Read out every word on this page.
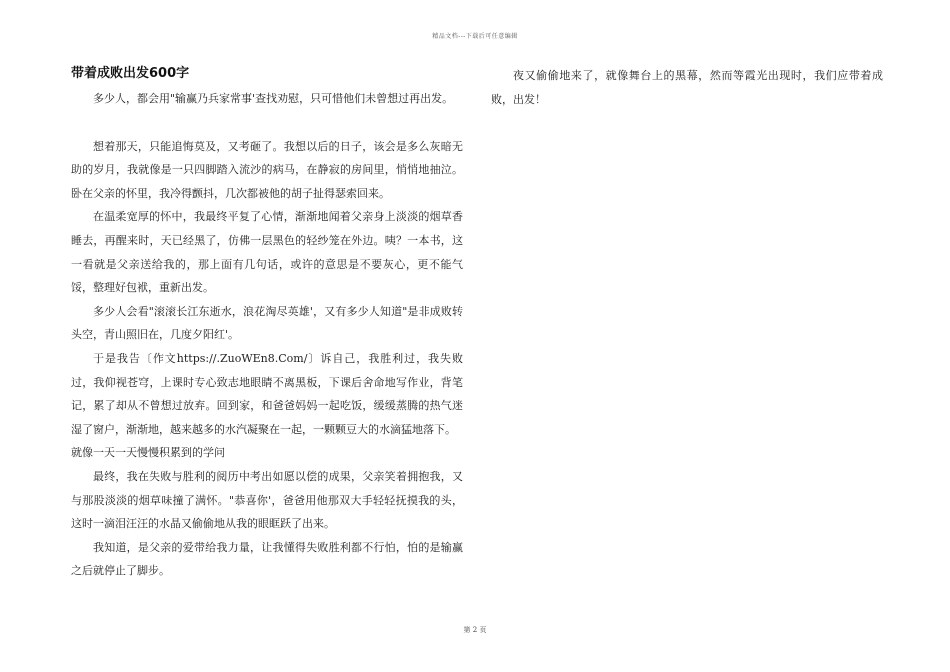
精品文档---下载后可任意编辑
带着成败出发600字

多少人，都会用"输赢乃兵家常事'查找劝慰，只可惜他们未曾想过再出发。

想着那天，只能追悔莫及，又考砸了。我想以后的日子，该会是多么灰暗无助的岁月，我就像是一只四脚踏入流沙的病马，在静寂的房间里，悄悄地抽泣。卧在父亲的怀里，我冷得颤抖，几次都被他的胡子扯得瑟索回来。

在温柔宽厚的怀中，我最终平复了心情，渐渐地闻着父亲身上淡淡的烟草香睡去，再醒来时，天已经黑了，仿佛一层黑色的轻纱笼在外边。咦？一本书，这一看就是父亲送给我的，那上面有几句话，或许的意思是不要灰心，更不能气馁，整理好包袱，重新出发。

多少人会看"滚滚长江东逝水，浪花淘尽英雄'，又有多少人知道"是非成败转头空，青山照旧在，几度夕阳红'。

于是我告〔作文https://.ZuoWEn8.Com/〕诉自己，我胜利过，我失败过，我仰视苍穹，上课时专心致志地眼睛不离黑板，下课后舍命地写作业，背笔记，累了却从不曾想过放弃。回到家，和爸爸妈妈一起吃饭，缓缓蒸腾的热气迷湿了窗户，渐渐地，越来越多的水汽凝聚在一起，一颗颗豆大的水滴猛地落下。

就像一天一天慢慢积累到的学问

最终，我在失败与胜利的阅历中考出如愿以偿的成果，父亲笑着拥抱我，又与那股淡淡的烟草味撞了满怀。"恭喜你'，爸爸用他那双大手轻轻抚摸我的头，这时一滴泪汪汪的水晶又偷偷地从我的眼眶跃了出来。

我知道，是父亲的爱带给我力量，让我懂得失败胜利都不行怕，怕的是输赢之后就停止了脚步。

夜又偷偷地来了，就像舞台上的黑幕，然而等霞光出现时，我们应带着成败，出发！

第 2 页
